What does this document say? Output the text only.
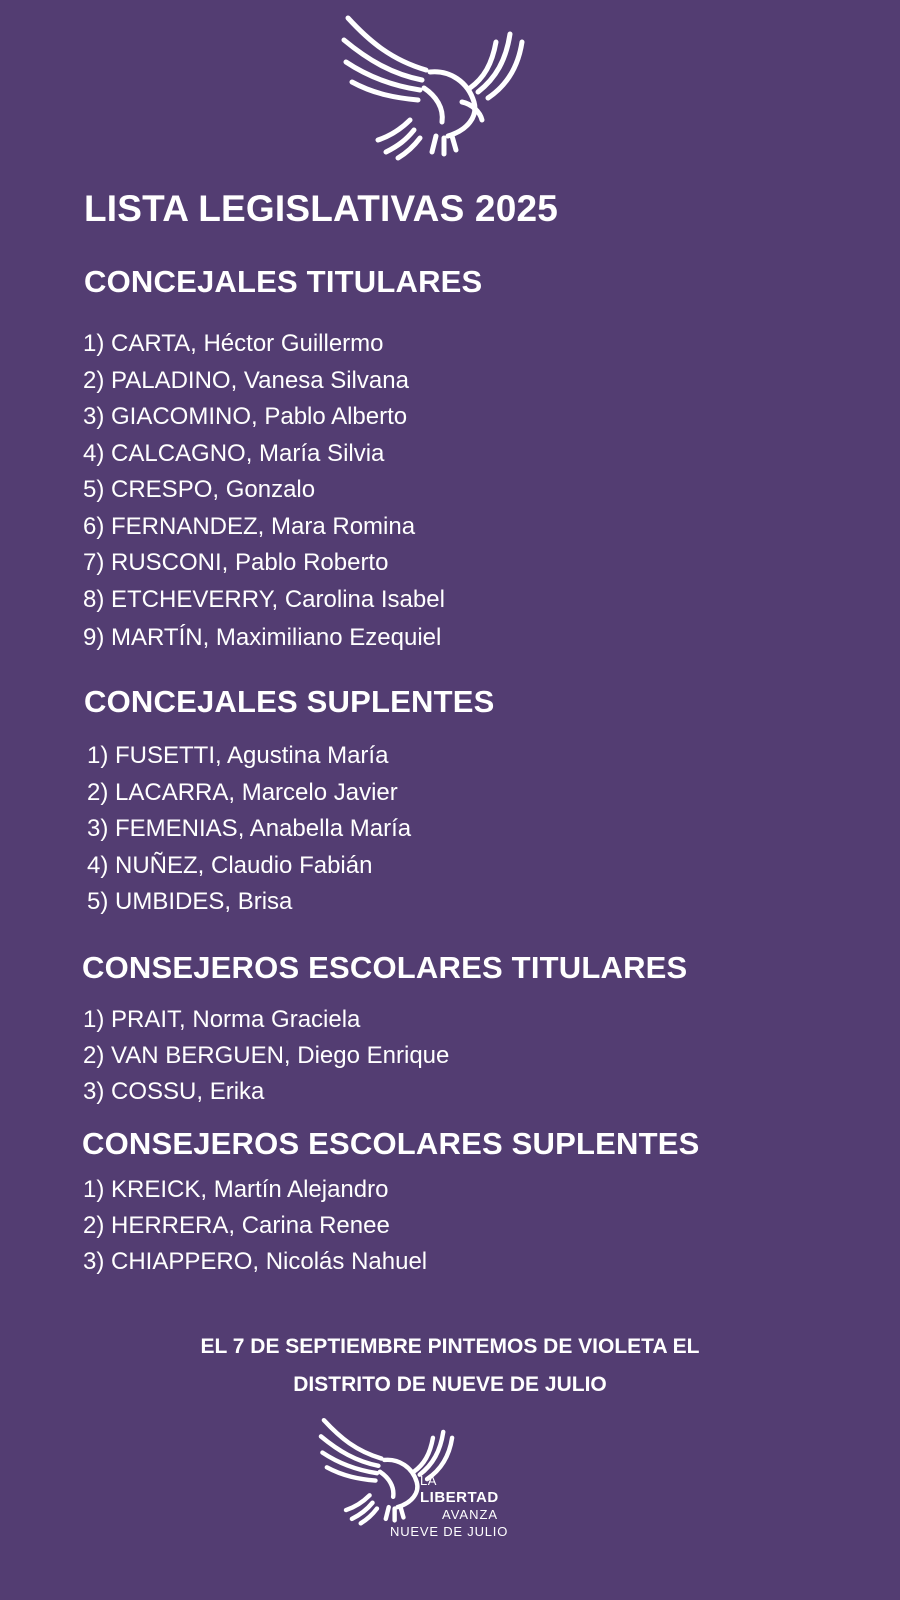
LISTA LEGISLATIVAS 2025
CONCEJALES TITULARES
1) CARTA, Héctor Guillermo
2) PALADINO, Vanesa Silvana
3) GIACOMINO, Pablo Alberto
4) CALCAGNO, María Silvia
5) CRESPO, Gonzalo
6) FERNANDEZ, Mara Romina
7) RUSCONI, Pablo Roberto
8) ETCHEVERRY, Carolina Isabel
9) MARTÍN, Maximiliano Ezequiel
CONCEJALES SUPLENTES
1) FUSETTI, Agustina María
2) LACARRA, Marcelo Javier
3) FEMENIAS, Anabella María
4) NUÑEZ, Claudio Fabián
5) UMBIDES, Brisa
CONSEJEROS ESCOLARES TITULARES
1) PRAIT, Norma Graciela
2) VAN BERGUEN, Diego Enrique
3) COSSU, Erika
CONSEJEROS ESCOLARES SUPLENTES
1) KREICK, Martín Alejandro
2) HERRERA, Carina Renee
3) CHIAPPERO, Nicolás Nahuel
EL 7 DE SEPTIEMBRE PINTEMOS DE VIOLETA EL
DISTRITO DE NUEVE DE JULIO
LA
LIBERTAD
AVANZA
NUEVE DE JULIO
